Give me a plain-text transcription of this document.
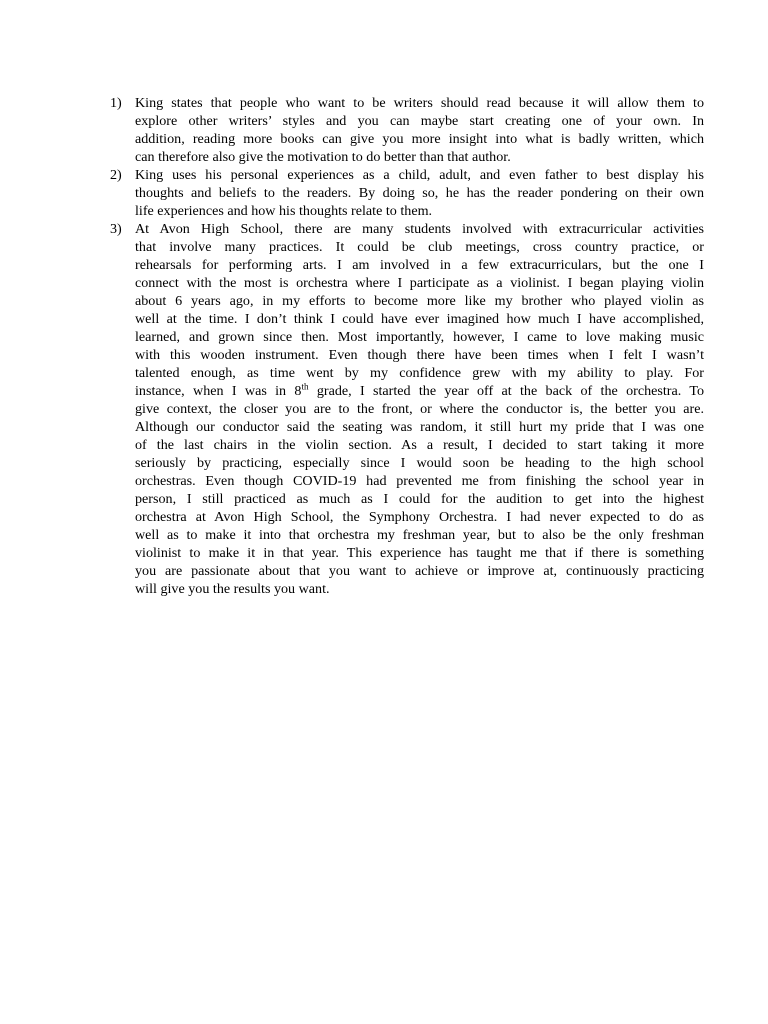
1) King states that people who want to be writers should read because it will allow them to
explore other writers’ styles and you can maybe start creating one of your own. In
addition, reading more books can give you more insight into what is badly written, which
can therefore also give the motivation to do better than that author.
2) King uses his personal experiences as a child, adult, and even father to best display his
thoughts and beliefs to the readers. By doing so, he has the reader pondering on their own
life experiences and how his thoughts relate to them.
3) At Avon High School, there are many students involved with extracurricular activities
that involve many practices. It could be club meetings, cross country practice, or
rehearsals for performing arts. I am involved in a few extracurriculars, but the one I
connect with the most is orchestra where I participate as a violinist. I began playing violin
about 6 years ago, in my efforts to become more like my brother who played violin as
well at the time. I don’t think I could have ever imagined how much I have accomplished,
learned, and grown since then. Most importantly, however, I came to love making music
with this wooden instrument. Even though there have been times when I felt I wasn’t
talented enough, as time went by my confidence grew with my ability to play. For
instance, when I was in 8th grade, I started the year off at the back of the orchestra. To
give context, the closer you are to the front, or where the conductor is, the better you are.
Although our conductor said the seating was random, it still hurt my pride that I was one
of the last chairs in the violin section. As a result, I decided to start taking it more
seriously by practicing, especially since I would soon be heading to the high school
orchestras. Even though COVID-19 had prevented me from finishing the school year in
person, I still practiced as much as I could for the audition to get into the highest
orchestra at Avon High School, the Symphony Orchestra. I had never expected to do as
well as to make it into that orchestra my freshman year, but to also be the only freshman
violinist to make it in that year. This experience has taught me that if there is something
you are passionate about that you want to achieve or improve at, continuously practicing
will give you the results you want.
